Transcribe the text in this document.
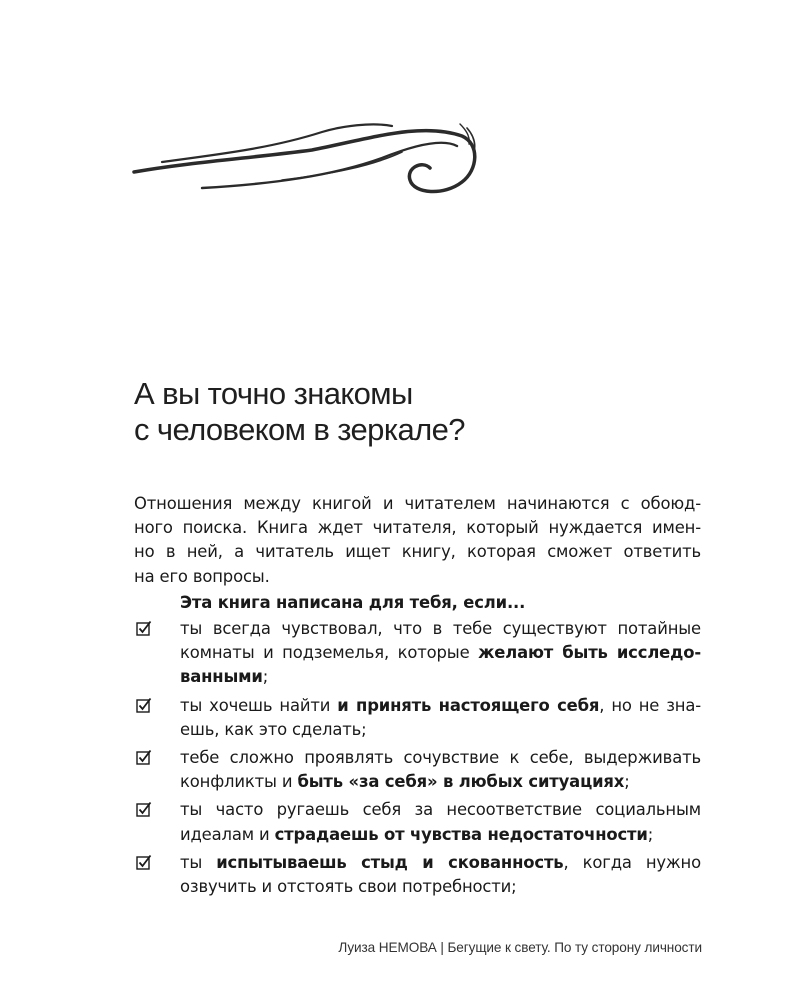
А вы точно знакомы
с человеком в зеркале?

Отношения между книгой и читателем начинаются с обоюд-
ного поиска. Книга ждет читателя, который нуждается имен-
но в ней, а читатель ищет книгу, которая сможет ответить
на его вопросы.

Эта книга написана для тебя, если...

ты всегда чувствовал, что в тебе существуют потайные
комнаты и подземелья, которые желают быть исследо-
ванными;
ты хочешь найти и принять настоящего себя, но не зна-
ешь, как это сделать;
тебе сложно проявлять сочувствие к себе, выдерживать
конфликты и быть «за себя» в любых ситуациях;
ты часто ругаешь себя за несоответствие социальным
идеалам и страдаешь от чувства недостаточности;
ты испытываешь стыд и скованность, когда нужно
озвучить и отстоять свои потребности;
Луиза НЕМОВА | Бегущие к свету. По ту сторону личности
